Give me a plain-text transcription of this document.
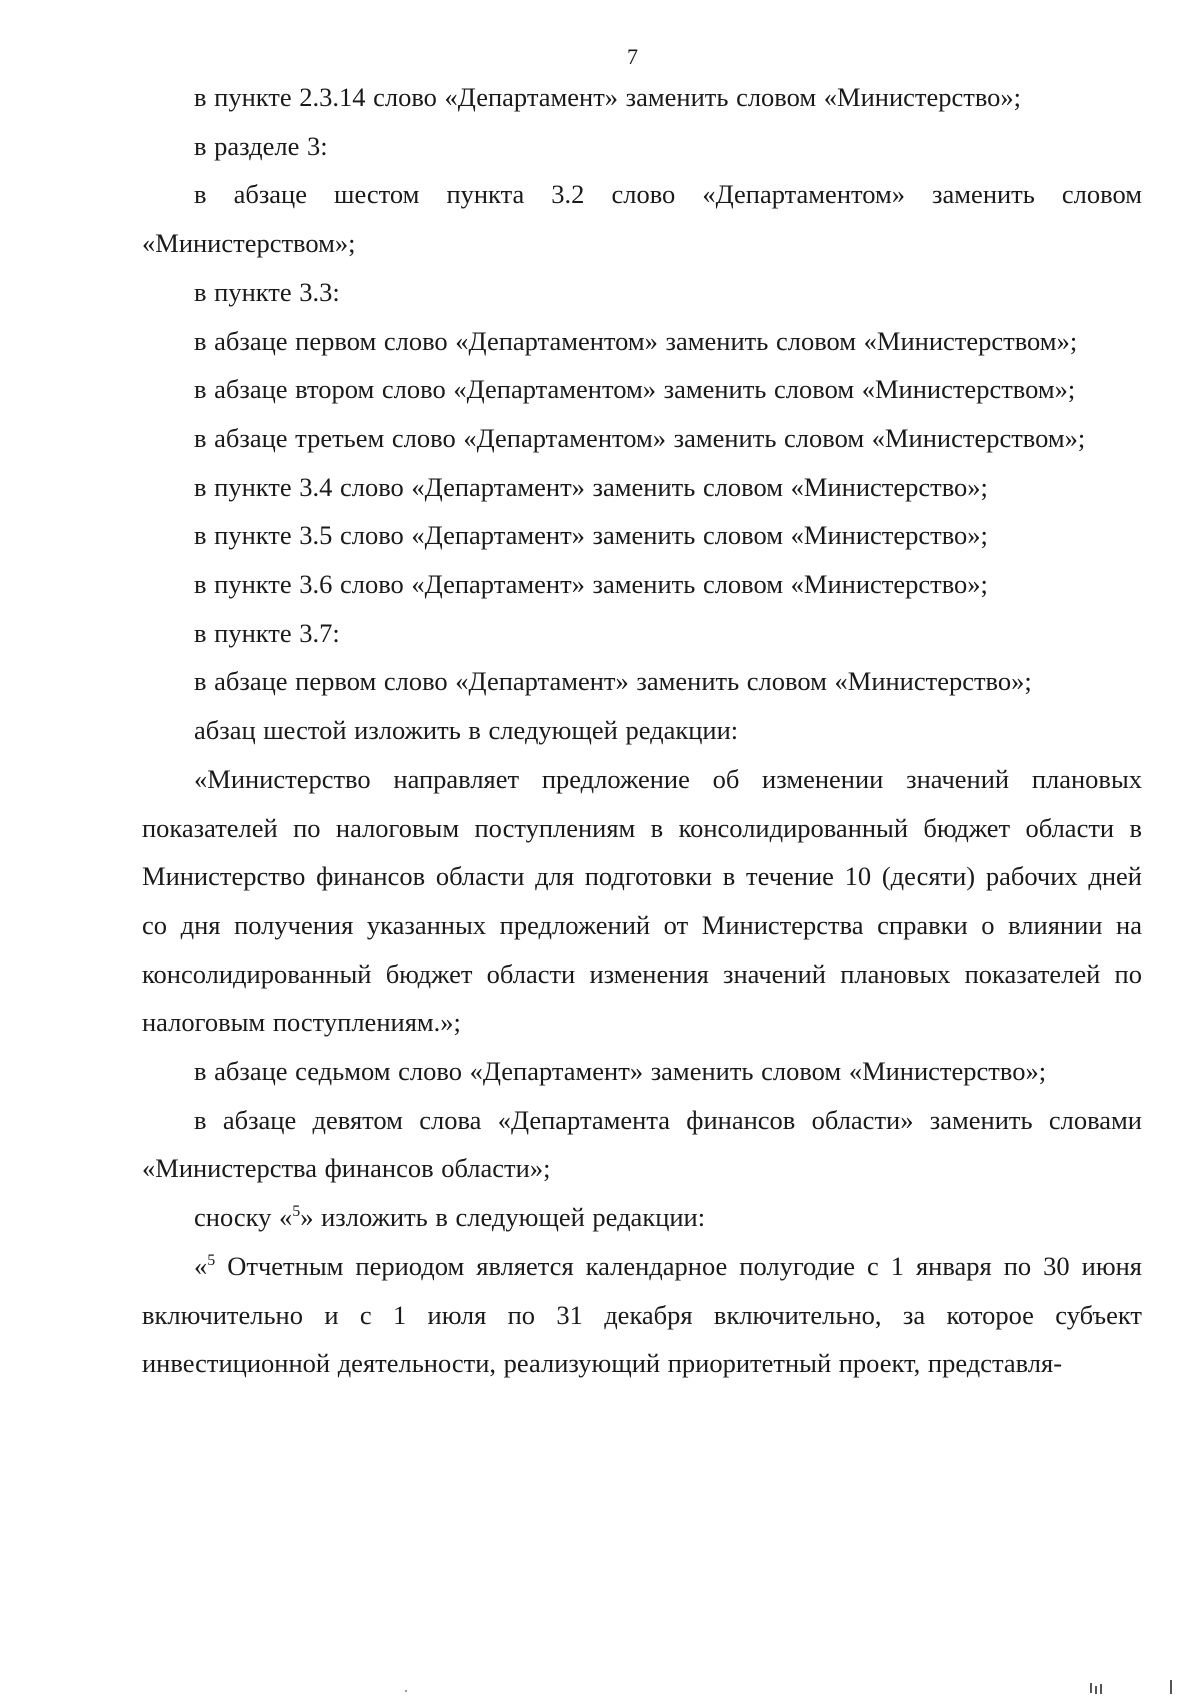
7

в пункте 2.3.14 слово «Департамент» заменить словом «Министерство»;

в разделе 3:

в абзаце шестом пункта 3.2 слово «Департаментом» заменить словом «Министерством»;

в пункте 3.3:

в абзаце первом слово «Департаментом» заменить словом «Министерством»;

в абзаце втором слово «Департаментом» заменить словом «Министерством»;

в абзаце третьем слово «Департаментом» заменить словом «Министерством»;

в пункте 3.4 слово «Департамент» заменить словом «Министерство»;

в пункте 3.5 слово «Департамент» заменить словом «Министерство»;

в пункте 3.6 слово «Департамент» заменить словом «Министерство»;

в пункте 3.7:

в абзаце первом слово «Департамент» заменить словом «Министерство»;

абзац шестой изложить в следующей редакции:

«Министерство направляет предложение об изменении значений плановых показателей по налоговым поступлениям в консолидированный бюджет области в Министерство финансов области для подготовки в течение 10 (десяти) рабочих дней со дня получения указанных предложений от Министерства справки о влиянии на консолидированный бюджет области изменения значений плановых показателей по налоговым поступлениям.»;

в абзаце седьмом слово «Департамент» заменить словом «Министерство»;

в абзаце девятом слова «Департамента финансов области» заменить словами «Министерства финансов области»;

сноску «$^5$» изложить в следующей редакции:

«$^5$ Отчетным периодом является календарное полугодие с 1 января по 30 июня включительно и с 1 июля по 31 декабря включительно, за которое субъект инвестиционной деятельности, реализующий приоритетный проект, представля-
